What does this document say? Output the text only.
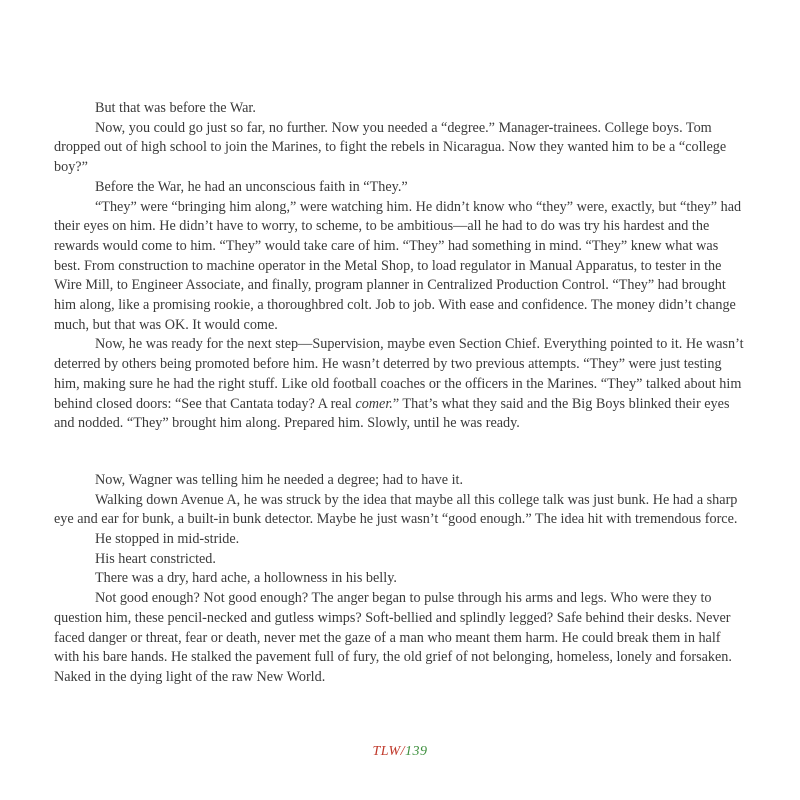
But that was before the War.

Now, you could go just so far, no further. Now you needed a “degree.” Manager-trainees. College boys. Tom dropped out of high school to join the Marines, to fight the rebels in Nicaragua. Now they wanted him to be a “college boy?”

Before the War, he had an unconscious faith in “They.”

“They” were “bringing him along,” were watching him. He didn’t know who “they” were, exactly, but “they” had their eyes on him. He didn’t have to worry, to scheme, to be ambitious—all he had to do was try his hardest and the rewards would come to him. “They” would take care of him. “They” had something in mind. “They” knew what was best. From construction to machine operator in the Metal Shop, to load regulator in Manual Apparatus, to tester in the Wire Mill, to Engineer Associate, and finally, program planner in Centralized Production Control. “They” had brought him along, like a promising rookie, a thoroughbred colt. Job to job. With ease and confidence. The money didn’t change much, but that was OK. It would come.

Now, he was ready for the next step—Supervision, maybe even Section Chief. Everything pointed to it. He wasn’t deterred by others being promoted before him. He wasn’t deterred by two previous attempts. “They” were just testing him, making sure he had the right stuff. Like old football coaches or the officers in the Marines. “They” talked about him behind closed doors: “See that Cantata today? A real comer.” That’s what they said and the Big Boys blinked their eyes and nodded. “They” brought him along. Prepared him. Slowly, until he was ready.

Now, Wagner was telling him he needed a degree; had to have it.

Walking down Avenue A, he was struck by the idea that maybe all this college talk was just bunk. He had a sharp eye and ear for bunk, a built-in bunk detector. Maybe he just wasn’t “good enough.” The idea hit with tremendous force.

He stopped in mid-stride.

His heart constricted.

There was a dry, hard ache, a hollowness in his belly.

Not good enough? Not good enough? The anger began to pulse through his arms and legs. Who were they to question him, these pencil-necked and gutless wimps? Soft-bellied and splindly legged? Safe behind their desks. Never faced danger or threat, fear or death, never met the gaze of a man who meant them harm. He could break them in half with his bare hands. He stalked the pavement full of fury, the old grief of not belonging, homeless, lonely and forsaken. Naked in the dying light of the raw New World.

TLW/139
